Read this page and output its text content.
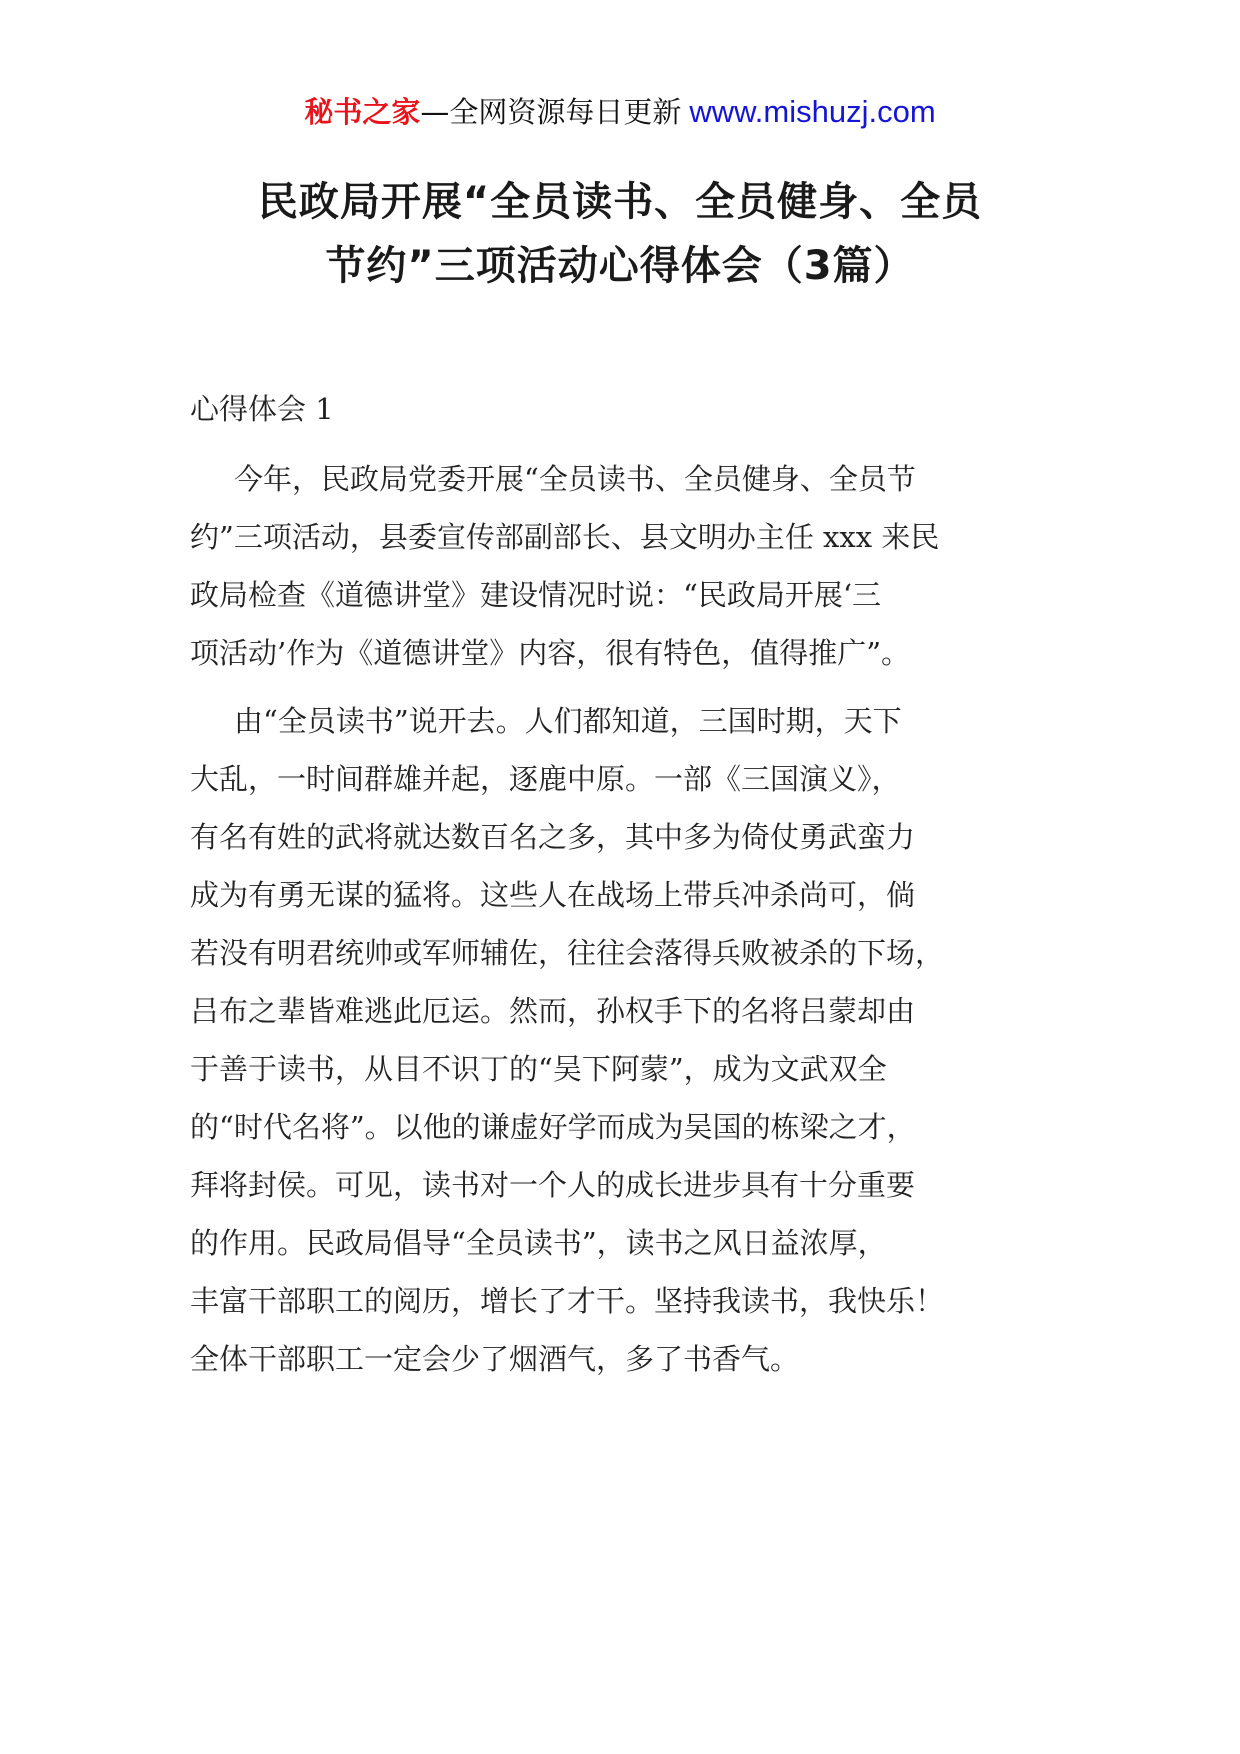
秘书之家—全网资源每日更新 www.mishuzj.com
民政局开展“全员读书、全员健身、全员
节约”三项活动心得体会（3篇）

心得体会 1

今年，民政局党委开展“全员读书、全员健身、全员节
约”三项活动，县委宣传部副部长、县文明办主任 xxx 来民
政局检查《道德讲堂》建设情况时说：“民政局开展‘三
项活动’作为《道德讲堂》内容，很有特色，值得推广”。
由“全员读书”说开去。人们都知道，三国时期，天下
大乱，一时间群雄并起，逐鹿中原。一部《三国演义》，
有名有姓的武将就达数百名之多，其中多为倚仗勇武蛮力
成为有勇无谋的猛将。这些人在战场上带兵冲杀尚可，倘
若没有明君统帅或军师辅佐，往往会落得兵败被杀的下场，
吕布之辈皆难逃此厄运。然而，孙权手下的名将吕蒙却由
于善于读书，从目不识丁的“吴下阿蒙”，成为文武双全
的“时代名将”。以他的谦虚好学而成为吴国的栋梁之才，
拜将封侯。可见，读书对一个人的成长进步具有十分重要
的作用。民政局倡导“全员读书”，读书之风日益浓厚，
丰富干部职工的阅历，增长了才干。坚持我读书，我快乐！
全体干部职工一定会少了烟酒气，多了书香气。
